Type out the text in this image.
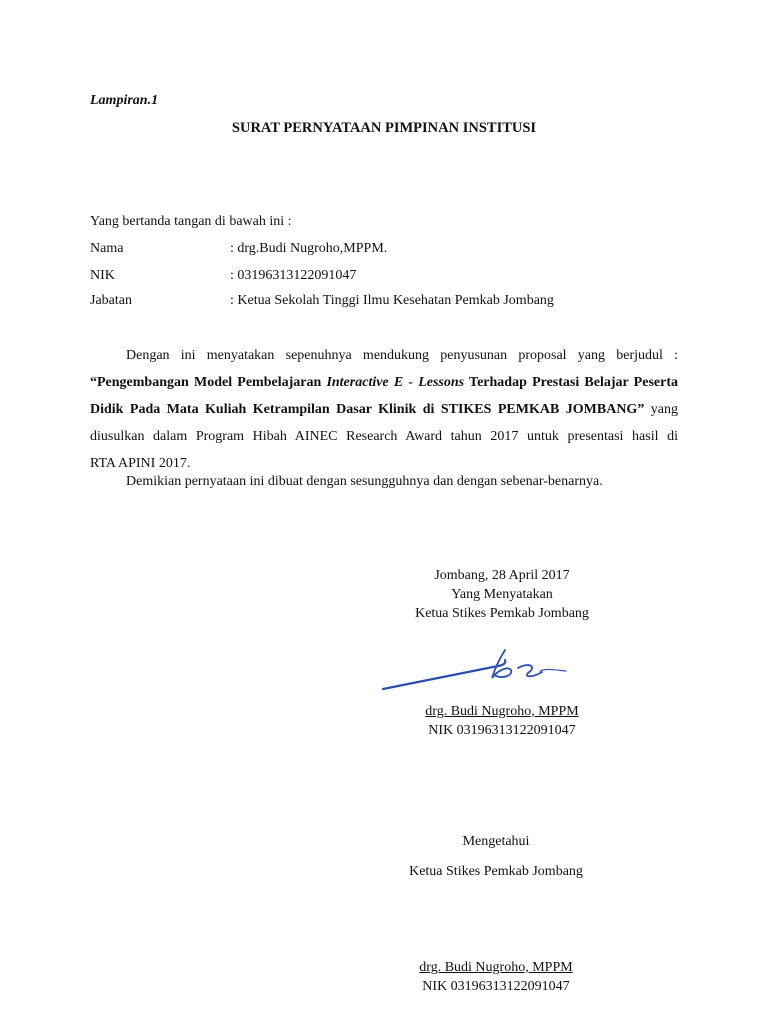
Lampiran.1
SURAT PERNYATAAN PIMPINAN INSTITUSI
Yang bertanda tangan di bawah ini :
Nama	: drg.Budi Nugroho,MPPM.
NIK	: 03196313122091047
Jabatan	: Ketua Sekolah Tinggi Ilmu Kesehatan Pemkab Jombang
Dengan ini menyatakan sepenuhnya mendukung penyusunan proposal yang berjudul :
“Pengembangan Model Pembelajaran Interactive E - Lessons Terhadap Prestasi Belajar Peserta
Didik Pada Mata Kuliah Ketrampilan Dasar Klinik di STIKES PEMKAB JOMBANG” yang
diusulkan dalam Program Hibah AINEC Research Award tahun 2017 untuk presentasi hasil di
RTA APINI 2017.
Demikian pernyataan ini dibuat dengan sesungguhnya dan dengan sebenar-benarnya.
Jombang, 28 April 2017
Yang Menyatakan
Ketua Stikes Pemkab Jombang
drg. Budi Nugroho, MPPM
NIK 03196313122091047
Mengetahui
Ketua Stikes Pemkab Jombang
drg. Budi Nugroho, MPPM
NIK 03196313122091047
